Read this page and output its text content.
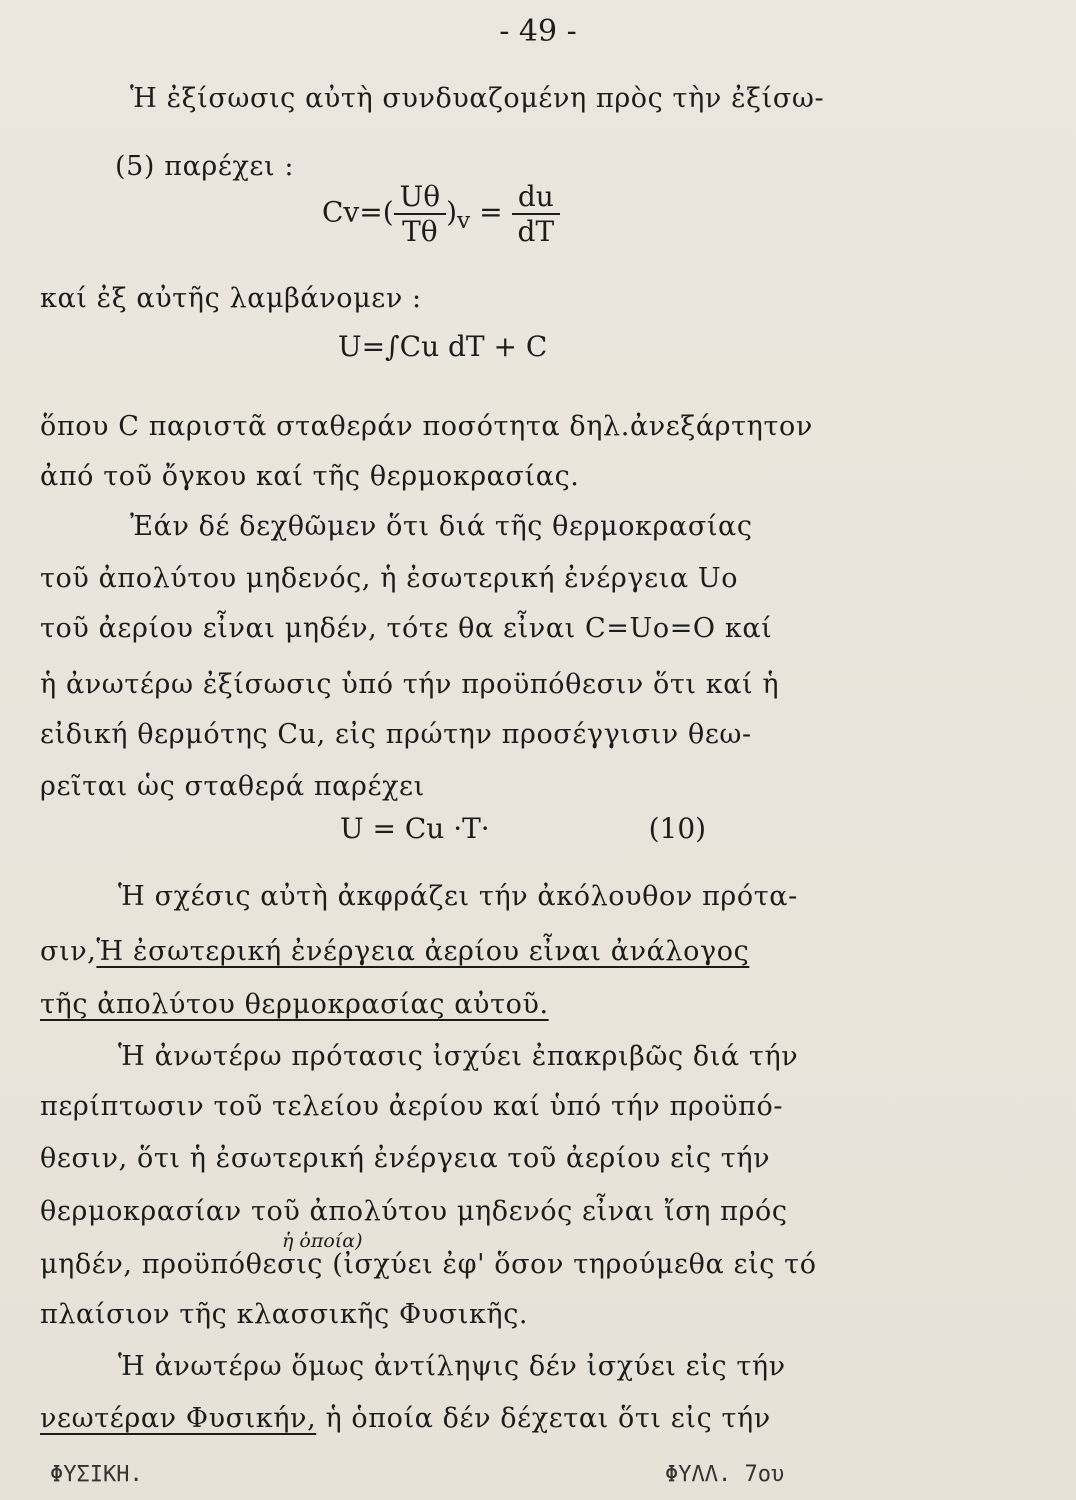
- 49 -
Ἡ ἐξίσωσις αὐτὴ συνδυαζομένη πρὸς τὴν ἐξίσω-
(5) παρέχει :
$Cv=( \frac{U\theta}{T\theta} )_v = \frac{du}{dT}$
καί ἐξ αὐτῆς λαμβάνομεν :
U=∫Cu dT + C
ὅπου C παριστᾶ σταθεράν ποσότητα δηλ.ἀνεξάρτητον
ἀπό τοῦ ὄγκου καί τῆς θερμοκρασίας.
Ἐάν δέ δεχθῶμεν ὅτι διά τῆς θερμοκρασίας
τοῦ ἀπολύτου μηδενός, ἡ ἐσωτερική ἐνέργεια Uo
τοῦ ἀερίου εἶναι μηδέν, τότε θα εἶναι C=Uo=O καί
ἡ ἀνωτέρω ἐξίσωσις ὑπό τήν προϋπόθεσιν ὅτι καί ἡ
εἰδική θερμότης Cu, εἰς πρώτην προσέγγισιν θεω-
ρεῖται ὡς σταθερά παρέχει
U = Cu ·T·	(10)
Ἡ σχέσις αὐτὴ ἀκφράζει τήν ἀκόλουθον πρότα-
σιν,Ἡ ἐσωτερική ἐνέργεια ἀερίου εἶναι ἀνάλογος
τῆς ἀπολύτου θερμοκρασίας αὐτοῦ.
Ἡ ἀνωτέρω πρότασις ἰσχύει ἐπακριβῶς διά τήν
περίπτωσιν τοῦ τελείου ἀερίου καί ὑπό τήν προϋπό-
θεσιν, ὅτι ἡ ἐσωτερική ἐνέργεια τοῦ ἀερίου εἰς τήν
θερμοκρασίαν τοῦ ἀπολύτου μηδενός εἶναι ἴση πρός
ἡ ὁποία)
μηδέν, προϋπόθεσις (ἰσχύει ἐφ' ὅσον τηρούμεθα εἰς τό
πλαίσιον τῆς κλασσικῆς Φυσικῆς.
Ἡ ἀνωτέρω ὅμως ἀντίληψις δέν ἰσχύει εἰς τήν
νεωτέραν Φυσικήν, ἡ ὁποία δέν δέχεται ὅτι εἰς τήν
ΦΥΣΙΚΗ.	ΦΥΛΛ. 7ου
